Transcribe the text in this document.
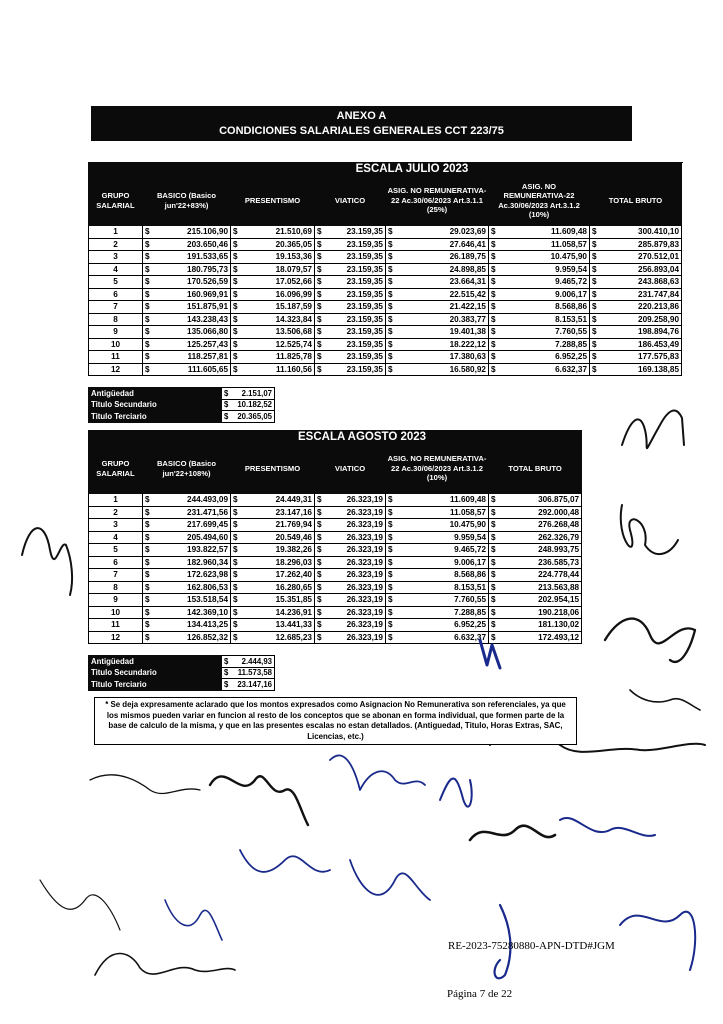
ANEXO A
CONDICIONES SALARIALES GENERALES CCT 223/75
	ESCALA JULIO 2023											
GRUPO SALARIAL	BASICO (Basico jun'22+83%)		PRESENTISMO		VIATICO		ASIG. NO REMUNERATIVA-22 Ac.30/06/2023 Art.3.1.1 (25%)		ASIG. NO REMUNERATIVA-22 Ac.30/06/2023 Art.3.1.2 (10%)		TOTAL BRUTO	
1	$	215.106,90	$	21.510,69	$	23.159,35	$	29.023,69	$	11.609,48	$	300.410,10
2	$	203.650,46	$	20.365,05	$	23.159,35	$	27.646,41	$	11.058,57	$	285.879,83
3	$	191.533,65	$	19.153,36	$	23.159,35	$	26.189,75	$	10.475,90	$	270.512,01
4	$	180.795,73	$	18.079,57	$	23.159,35	$	24.898,85	$	9.959,54	$	256.893,04
5	$	170.526,59	$	17.052,66	$	23.159,35	$	23.664,31	$	9.465,72	$	243.868,63
6	$	160.969,91	$	16.096,99	$	23.159,35	$	22.515,42	$	9.006,17	$	231.747,84
7	$	151.875,91	$	15.187,59	$	23.159,35	$	21.422,15	$	8.568,86	$	220.213,86
8	$	143.238,43	$	14.323,84	$	23.159,35	$	20.383,77	$	8.153,51	$	209.258,90
9	$	135.066,80	$	13.506,68	$	23.159,35	$	19.401,38	$	7.760,55	$	198.894,76
10	$	125.257,43	$	12.525,74	$	23.159,35	$	18.222,12	$	7.288,85	$	186.453,49
11	$	118.257,81	$	11.825,78	$	23.159,35	$	17.380,63	$	6.952,25	$	177.575,83
12	$	111.605,65	$	11.160,56	$	23.159,35	$	16.580,92	$	6.632,37	$	169.138,85
Antigüedad	$	2.151,07
Titulo Secundario	$	10.182,52
Titulo Terciario	$	20.365,05
	ESCALA AGOSTO 2023									
GRUPO SALARIAL	BASICO (Basico jun'22+108%)		PRESENTISMO		VIATICO		ASIG. NO REMUNERATIVA-22 Ac.30/06/2023 Art.3.1.2 (10%)		TOTAL BRUTO	
1	$	244.493,09	$	24.449,31	$	26.323,19	$	11.609,48	$	306.875,07
2	$	231.471,56	$	23.147,16	$	26.323,19	$	11.058,57	$	292.000,48
3	$	217.699,45	$	21.769,94	$	26.323,19	$	10.475,90	$	276.268,48
4	$	205.494,60	$	20.549,46	$	26.323,19	$	9.959,54	$	262.326,79
5	$	193.822,57	$	19.382,26	$	26.323,19	$	9.465,72	$	248.993,75
6	$	182.960,34	$	18.296,03	$	26.323,19	$	9.006,17	$	236.585,73
7	$	172.623,98	$	17.262,40	$	26.323,19	$	8.568,86	$	224.778,44
8	$	162.806,53	$	16.280,65	$	26.323,19	$	8.153,51	$	213.563,88
9	$	153.518,54	$	15.351,85	$	26.323,19	$	7.760,55	$	202.954,15
10	$	142.369,10	$	14.236,91	$	26.323,19	$	7.288,85	$	190.218,06
11	$	134.413,25	$	13.441,33	$	26.323,19	$	6.952,25	$	181.130,02
12	$	126.852,32	$	12.685,23	$	26.323,19	$	6.632,37	$	172.493,12
Antigüedad	$	2.444,93
Titulo Secundario	$	11.573,58
Titulo Terciario	$	23.147,16
* Se deja expresamente aclarado que los montos expresados como Asignacion No Remunerativa son referenciales, ya que los mismos pueden variar en funcion al resto de los conceptos que se abonan en forma individual, que formen parte de la base de calculo de la misma, y que en las presentes escalas no estan detallados. (Antiguedad, Titulo, Horas Extras, SAC, Licencias, etc.)
RE-2023-75280880-APN-DTD#JGM
Página 7 de 22
